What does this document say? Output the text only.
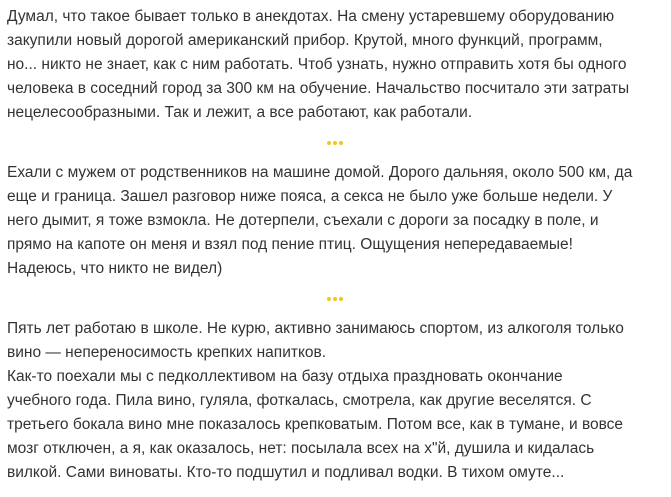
Думал, что такое бывает только в анекдотах. На смену устаревшему оборудованию
закупили новый дорогой американский прибор. Крутой, много функций, программ,
но... никто не знает, как с ним работать. Чтоб узнать, нужно отправить хотя бы одного
человека в соседний город за 300 км на обучение. Начальство посчитало эти затраты
нецелесообразными. Так и лежит, а все работают, как работали.
Ехали с мужем от родственников на машине домой. Дорого дальняя, около 500 км, да
еще и граница. Зашел разговор ниже пояса, а секса не было уже больше недели. У
него дымит, я тоже взмокла. Не дотерпели, съехали с дороги за посадку в поле, и
прямо на капоте он меня и взял под пение птиц. Ощущения непередаваемые!
Надеюсь, что никто не видел)
Пять лет работаю в школе. Не курю, активно занимаюсь спортом, из алкоголя только
вино — непереносимость крепких напитков.
Как-то поехали мы с педколлективом на базу отдыха праздновать окончание
учебного года. Пила вино, гуляла, фоткалась, смотрела, как другие веселятся. С
третьего бокала вино мне показалось крепковатым. Потом все, как в тумане, и вовсе
мозг отключен, а я, как оказалось, нет: посылала всех на х"й, душила и кидалась
вилкой. Сами виноваты. Кто-то подшутил и подливал водки. В тихом омуте...
